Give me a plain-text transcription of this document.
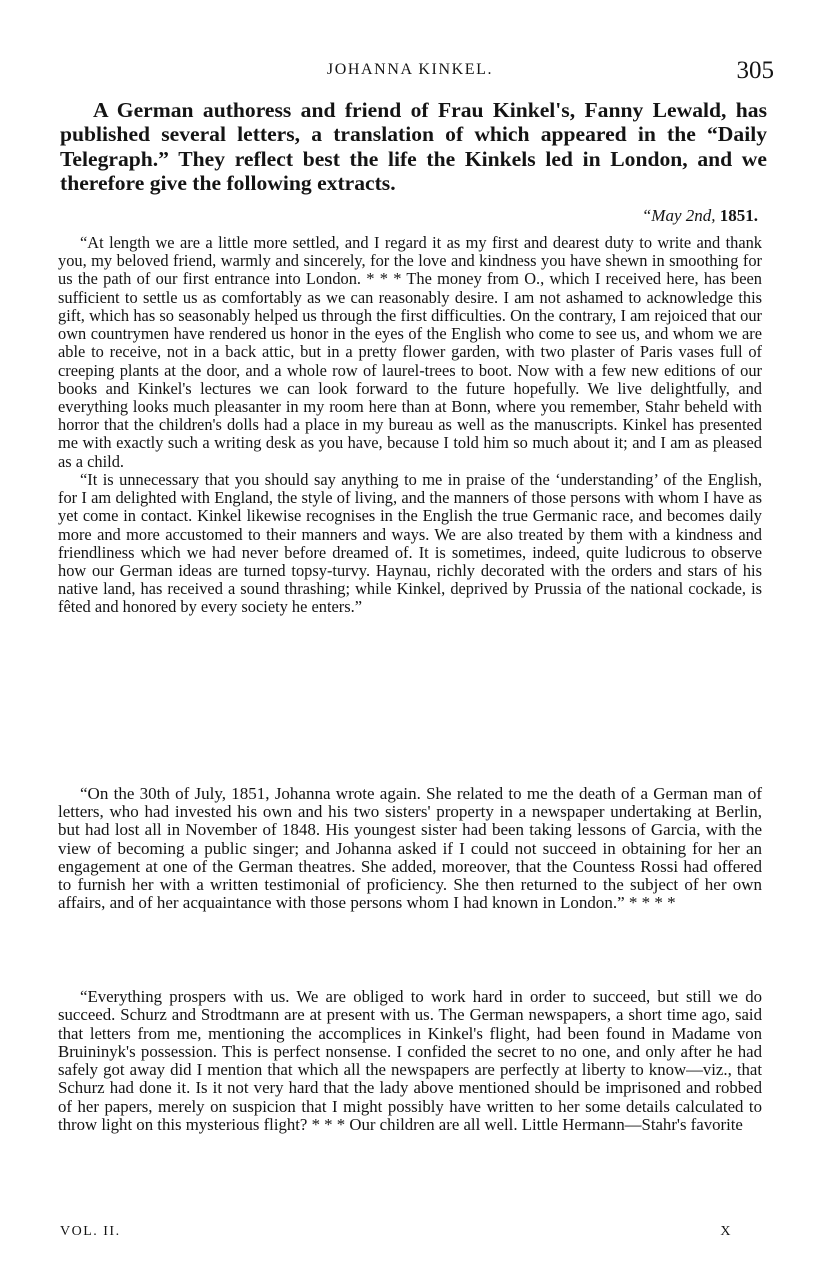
JOHANNA KINKEL.	305
A German authoress and friend of Frau Kinkel's, Fanny Lewald, has published several letters, a translation of which appeared in the “Daily Telegraph.” They reflect best the life the Kinkels led in London, and we therefore give the following extracts.
“May 2nd, 1851.

“At length we are a little more settled, and I regard it as my first and dearest duty to write and thank you, my beloved friend, warmly and sincerely, for the love and kindness you have shewn in smoothing for us the path of our first entrance into London. * * * The money from O., which I received here, has been sufficient to settle us as comfortably as we can reasonably desire. I am not ashamed to acknowledge this gift, which has so seasonably helped us through the first difficulties. On the contrary, I am rejoiced that our own countrymen have rendered us honor in the eyes of the English who come to see us, and whom we are able to receive, not in a back attic, but in a pretty flower garden, with two plaster of Paris vases full of creeping plants at the door, and a whole row of laurel-trees to boot. Now with a few new editions of our books and Kinkel's lectures we can look forward to the future hopefully. We live delightfully, and everything looks much pleasanter in my room here than at Bonn, where you remember, Stahr beheld with horror that the children's dolls had a place in my bureau as well as the manuscripts. Kinkel has presented me with exactly such a writing desk as you have, because I told him so much about it; and I am as pleased as a child.

“It is unnecessary that you should say anything to me in praise of the ‘understanding’ of the English, for I am delighted with England, the style of living, and the manners of those persons with whom I have as yet come in contact. Kinkel likewise recognises in the English the true Germanic race, and becomes daily more and more accustomed to their manners and ways. We are also treated by them with a kindness and friendliness which we had never before dreamed of. It is sometimes, indeed, quite ludicrous to observe how our German ideas are turned topsy-turvy. Haynau, richly decorated with the orders and stars of his native land, has received a sound thrashing; while Kinkel, deprived by Prussia of the national cockade, is fêted and honored by every society he enters.”

“On the 30th of July, 1851, Johanna wrote again. She related to me the death of a German man of letters, who had invested his own and his two sisters' property in a newspaper undertaking at Berlin, but had lost all in November of 1848. His youngest sister had been taking lessons of Garcia, with the view of becoming a public singer; and Johanna asked if I could not succeed in obtaining for her an engagement at one of the German theatres. She added, moreover, that the Countess Rossi had offered to furnish her with a written testimonial of proficiency. She then returned to the subject of her own affairs, and of her acquaintance with those persons whom I had known in London.” * * * *

“Everything prospers with us. We are obliged to work hard in order to succeed, but still we do succeed. Schurz and Strodtmann are at present with us. The German newspapers, a short time ago, said that letters from me, mentioning the accomplices in Kinkel's flight, had been found in Madame von Bruininyk's possession. This is perfect nonsense. I confided the secret to no one, and only after he had safely got away did I mention that which all the newspapers are perfectly at liberty to know—viz., that Schurz had done it. Is it not very hard that the lady above mentioned should be imprisoned and robbed of her papers, merely on suspicion that I might possibly have written to her some details calculated to throw light on this mysterious flight? * * * Our children are all well. Little Hermann—Stahr's favorite

VOL. II.	X
